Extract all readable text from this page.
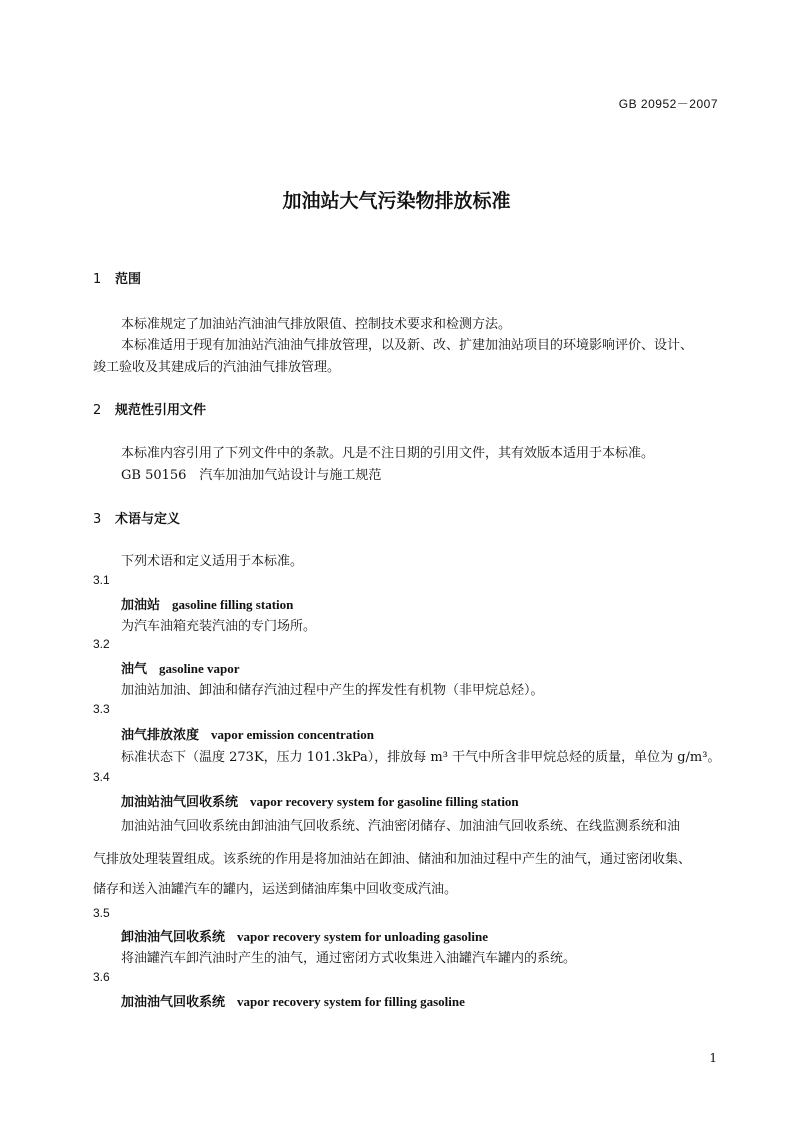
GB 20952－2007
加油站大气污染物排放标准
1 范围
本标准规定了加油站汽油油气排放限值、控制技术要求和检测方法。
本标准适用于现有加油站汽油油气排放管理，以及新、改、扩建加油站项目的环境影响评价、设计、
竣工验收及其建成后的汽油油气排放管理。
2 规范性引用文件
本标准内容引用了下列文件中的条款。凡是不注日期的引用文件，其有效版本适用于本标准。
GB 50156　汽车加油加气站设计与施工规范
3 术语与定义
下列术语和定义适用于本标准。
3.1
加油站 gasoline filling station
为汽车油箱充装汽油的专门场所。
3.2
油气 gasoline vapor
加油站加油、卸油和储存汽油过程中产生的挥发性有机物（非甲烷总烃）。
3.3
油气排放浓度 vapor emission concentration
标准状态下（温度 273K，压力 101.3kPa），排放每 m³ 干气中所含非甲烷总烃的质量，单位为 g/m³。
3.4
加油站油气回收系统 vapor recovery system for gasoline filling station
加油站油气回收系统由卸油油气回收系统、汽油密闭储存、加油油气回收系统、在线监测系统和油
气排放处理装置组成。该系统的作用是将加油站在卸油、储油和加油过程中产生的油气，通过密闭收集、
储存和送入油罐汽车的罐内，运送到储油库集中回收变成汽油。
3.5
卸油油气回收系统 vapor recovery system for unloading gasoline
将油罐汽车卸汽油时产生的油气，通过密闭方式收集进入油罐汽车罐内的系统。
3.6
加油油气回收系统 vapor recovery system for filling gasoline
1
